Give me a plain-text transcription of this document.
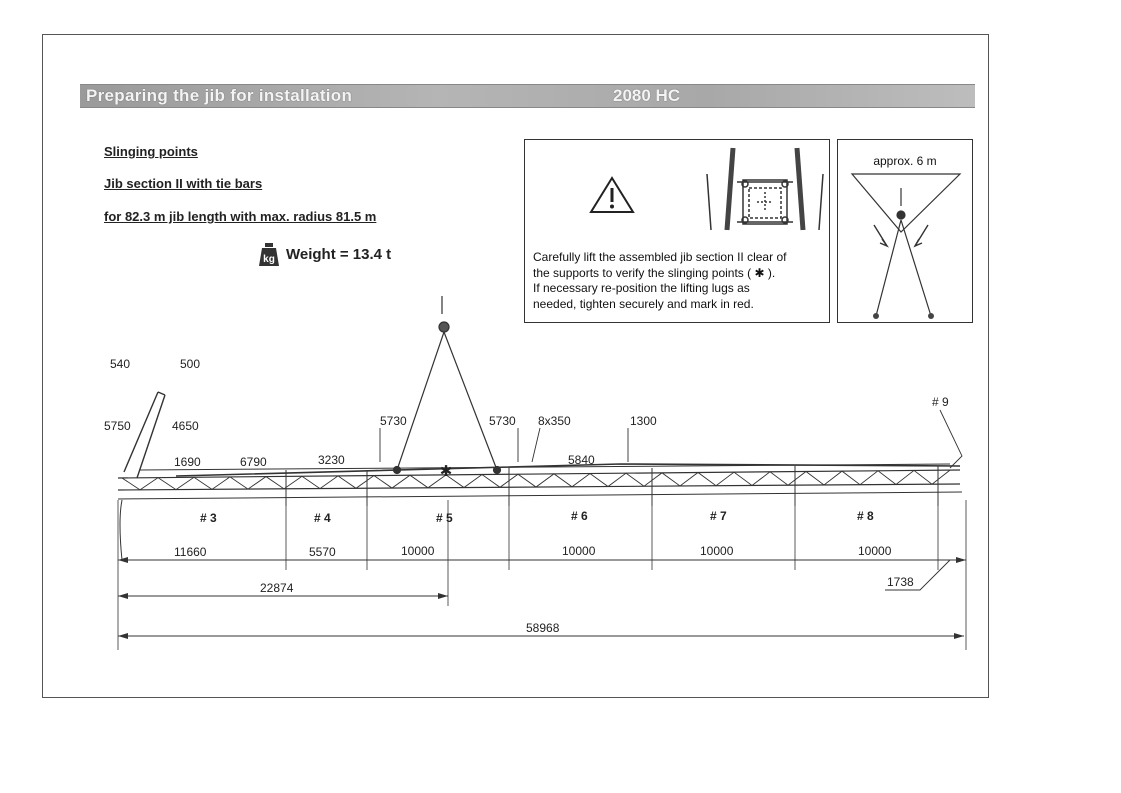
Preparing the jib for installation	2080 HC
Slinging points
Jib section II with tie bars
for 82.3 m jib length with max. radius 81.5 m
kg Weight = 13.4 t	Carefully lift the assembled jib section II clear of
the supports to verify the slinging points ( ✱ ).
If necessary re-position the lifting lugs as
needed, tighten securely and mark in red.
approx. 6 m
✱
540	500
5750	4650
1690	6790	3230
5730	5730 8x350
5840
1300
# 9
# 3	# 4	# 5	# 6	# 7	# 8
11660	5570	10000	10000	10000	10000
22874	1738
58968
